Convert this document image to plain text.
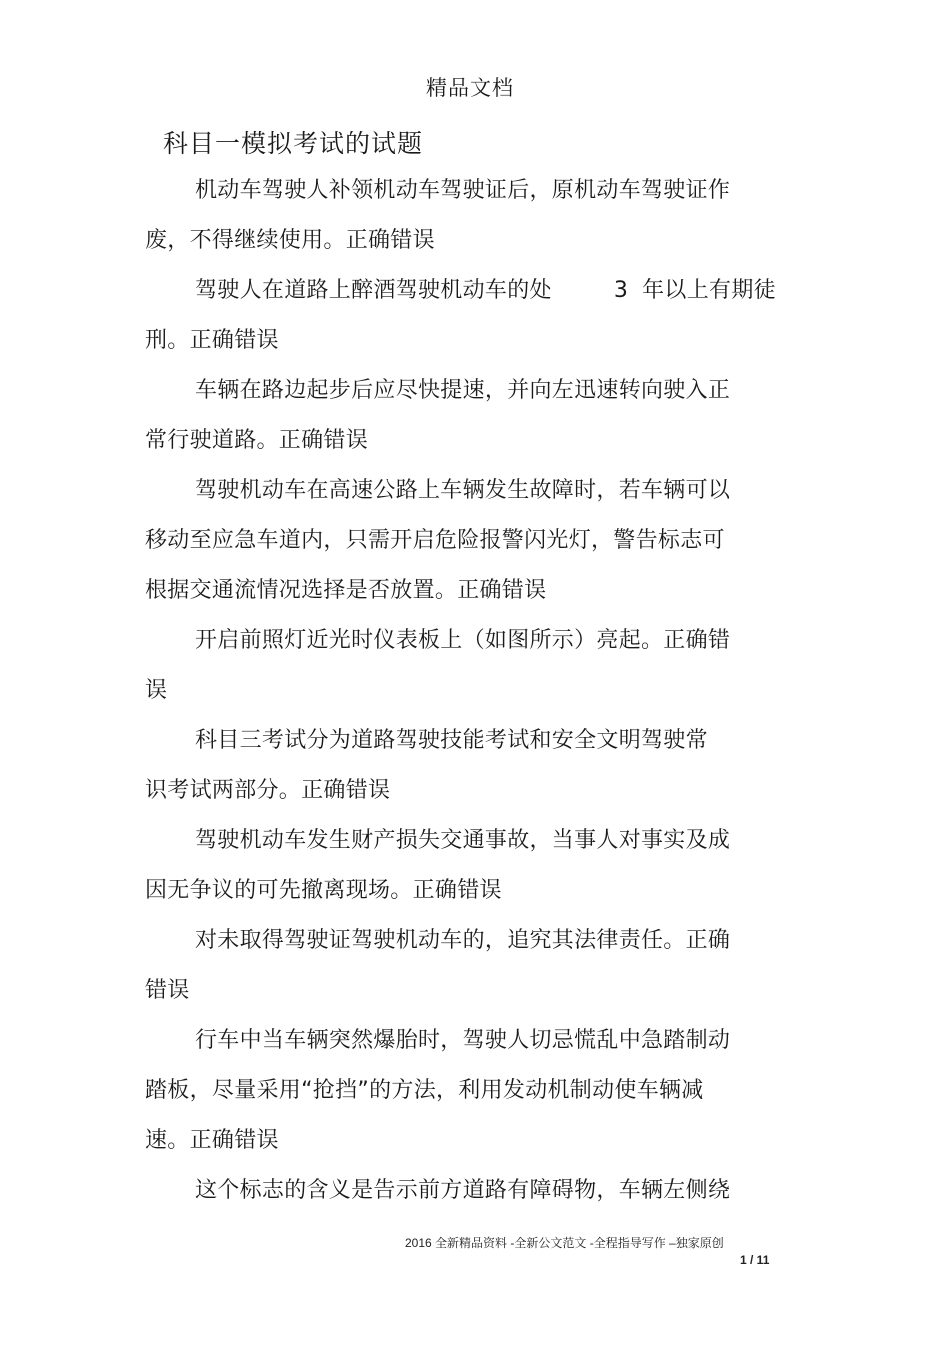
精品文档
科目一模拟考试的试题
机动车驾驶人补领机动车驾驶证后，原机动车驾驶证作
废，不得继续使用。正确错误
驾驶人在道路上醉酒驾驶机动车的处	3 年以上有期徒
刑。正确错误
车辆在路边起步后应尽快提速，并向左迅速转向驶入正
常行驶道路。正确错误
驾驶机动车在高速公路上车辆发生故障时，若车辆可以
移动至应急车道内，只需开启危险报警闪光灯，警告标志可
根据交通流情况选择是否放置。正确错误
开启前照灯近光时仪表板上（如图所示）亮起。正确错
误
科目三考试分为道路驾驶技能考试和安全文明驾驶常
识考试两部分。正确错误
驾驶机动车发生财产损失交通事故，当事人对事实及成
因无争议的可先撤离现场。正确错误
对未取得驾驶证驾驶机动车的，追究其法律责任。正确
错误
行车中当车辆突然爆胎时，驾驶人切忌慌乱中急踏制动
踏板，尽量采用“抢挡”的方法，利用发动机制动使车辆减
速。正确错误
这个标志的含义是告示前方道路有障碍物，车辆左侧绕
2016 全新精品资料 -全新公文范文 -全程指导写作 –独家原创
1 / 11
